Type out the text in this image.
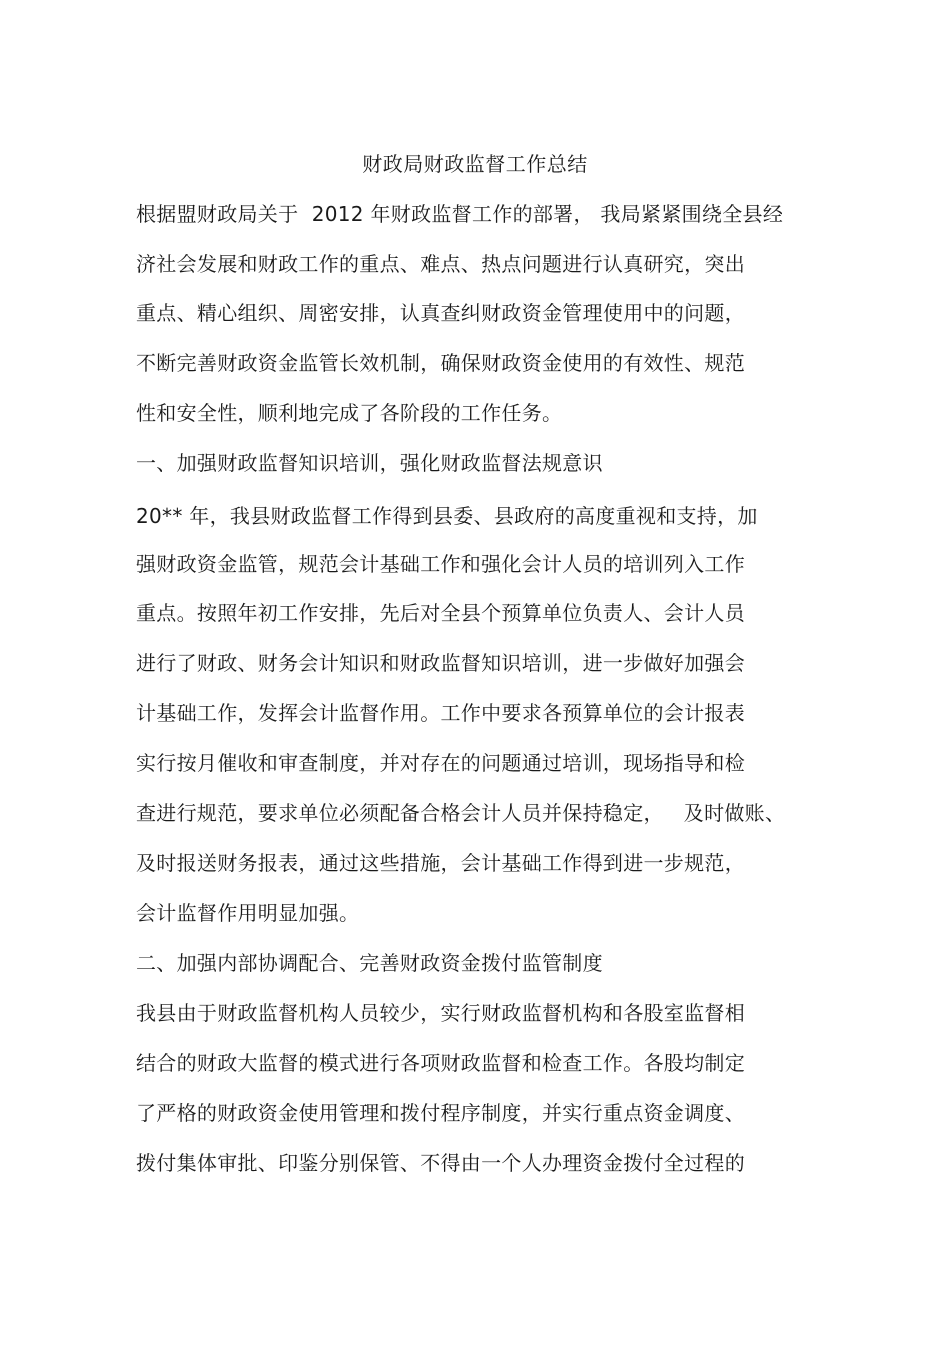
财政局财政监督工作总结
根据盟财政局关于  2012 年财政监督工作的部署， 我局紧紧围绕全县经
济社会发展和财政工作的重点、难点、热点问题进行认真研究，突出
重点、精心组织、周密安排，认真查纠财政资金管理使用中的问题，
不断完善财政资金监管长效机制，确保财政资金使用的有效性、规范
性和安全性，顺利地完成了各阶段的工作任务。
一、加强财政监督知识培训，强化财政监督法规意识
20** 年，我县财政监督工作得到县委、县政府的高度重视和支持，加
强财政资金监管，规范会计基础工作和强化会计人员的培训列入工作
重点。按照年初工作安排，先后对全县个预算单位负责人、会计人员
进行了财政、财务会计知识和财政监督知识培训，进一步做好加强会
计基础工作，发挥会计监督作用。工作中要求各预算单位的会计报表
实行按月催收和审查制度，并对存在的问题通过培训，现场指导和检
查进行规范，要求单位必须配备合格会计人员并保持稳定，   及时做账、
及时报送财务报表，通过这些措施，会计基础工作得到进一步规范，
会计监督作用明显加强。
二、加强内部协调配合、完善财政资金拨付监管制度
我县由于财政监督机构人员较少，实行财政监督机构和各股室监督相
结合的财政大监督的模式进行各项财政监督和检查工作。各股均制定
了严格的财政资金使用管理和拨付程序制度，并实行重点资金调度、
拨付集体审批、印鉴分别保管、不得由一个人办理资金拨付全过程的
